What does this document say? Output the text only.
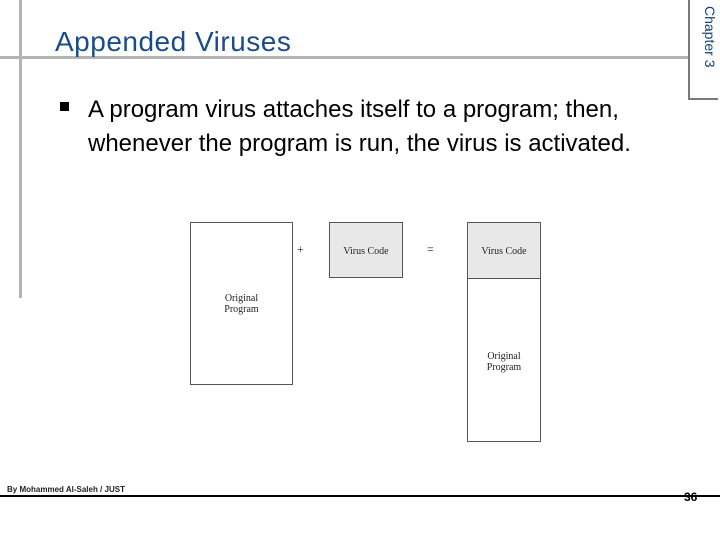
Chapter 3
Appended Viruses
A program virus attaches itself to a program; then, whenever the program is run, the virus is activated.
Original Program
+	Virus Code	=	Virus Code
Original Program
By Mohammed Al-Saleh / JUST
36
